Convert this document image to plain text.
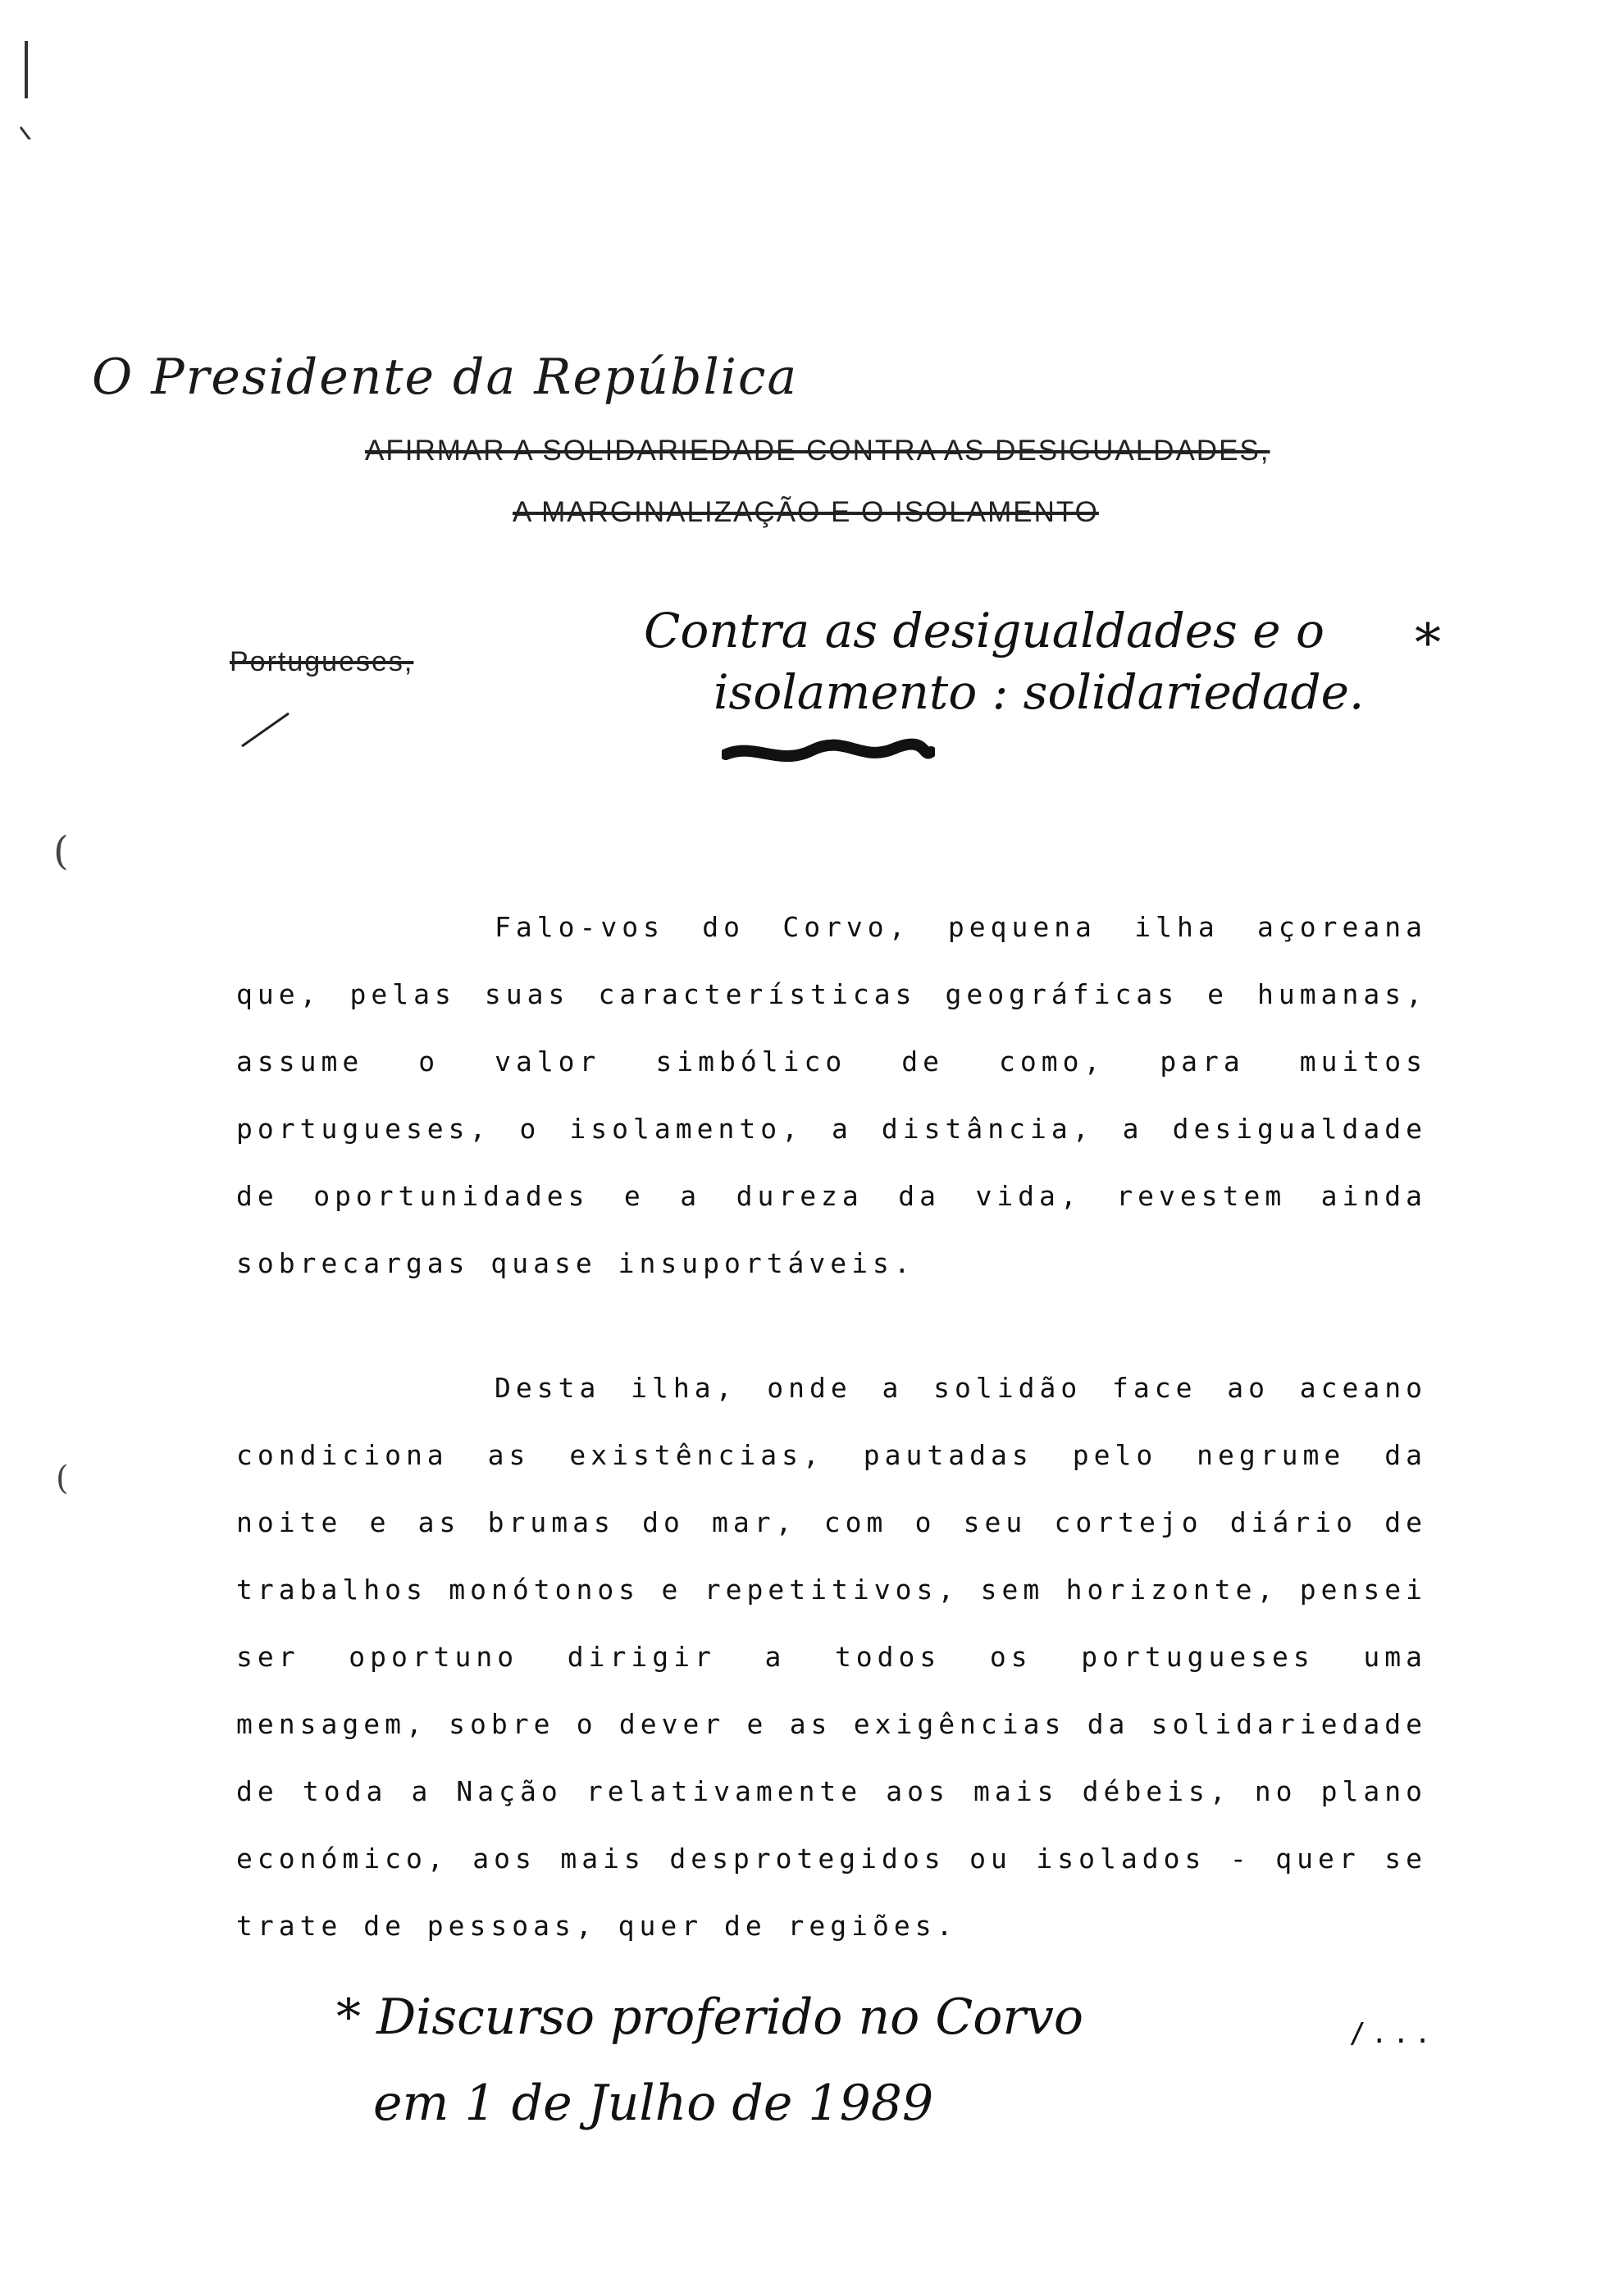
O Presidente da República
AFIRMAR A SOLIDARIEDADE CONTRA AS DESIGUALDADES,
A MARGINALIZAÇÃO E O ISOLAMENTO
Portugueses,
Contra as desigualdades e o
isolamento : solidariedade.
*
(
(

Falo-vos do Corvo, pequena ilha açoreana que, pelas suas características geográficas e humanas, assume o valor simbólico de como, para muitos portugueses, o isolamento, a distância, a desigualdade de oportunidades e a dureza da vida, revestem ainda sobrecargas quase insuportáveis.

Desta ilha, onde a solidão face ao aceano condiciona as existências, pautadas pelo negrume da noite e as brumas do mar, com o seu cortejo diário de trabalhos monótonos e repetitivos, sem horizonte, pensei ser oportuno dirigir a todos os portugueses uma mensagem, sobre o dever e as exigências da solidariedade de toda a Nação relativamente aos mais débeis, no plano económico, aos mais desprotegidos ou isolados - quer se trate de pessoas, quer de regiões.

* Discurso proferido no Corvo
em 1 de Julho de 1989
/...
